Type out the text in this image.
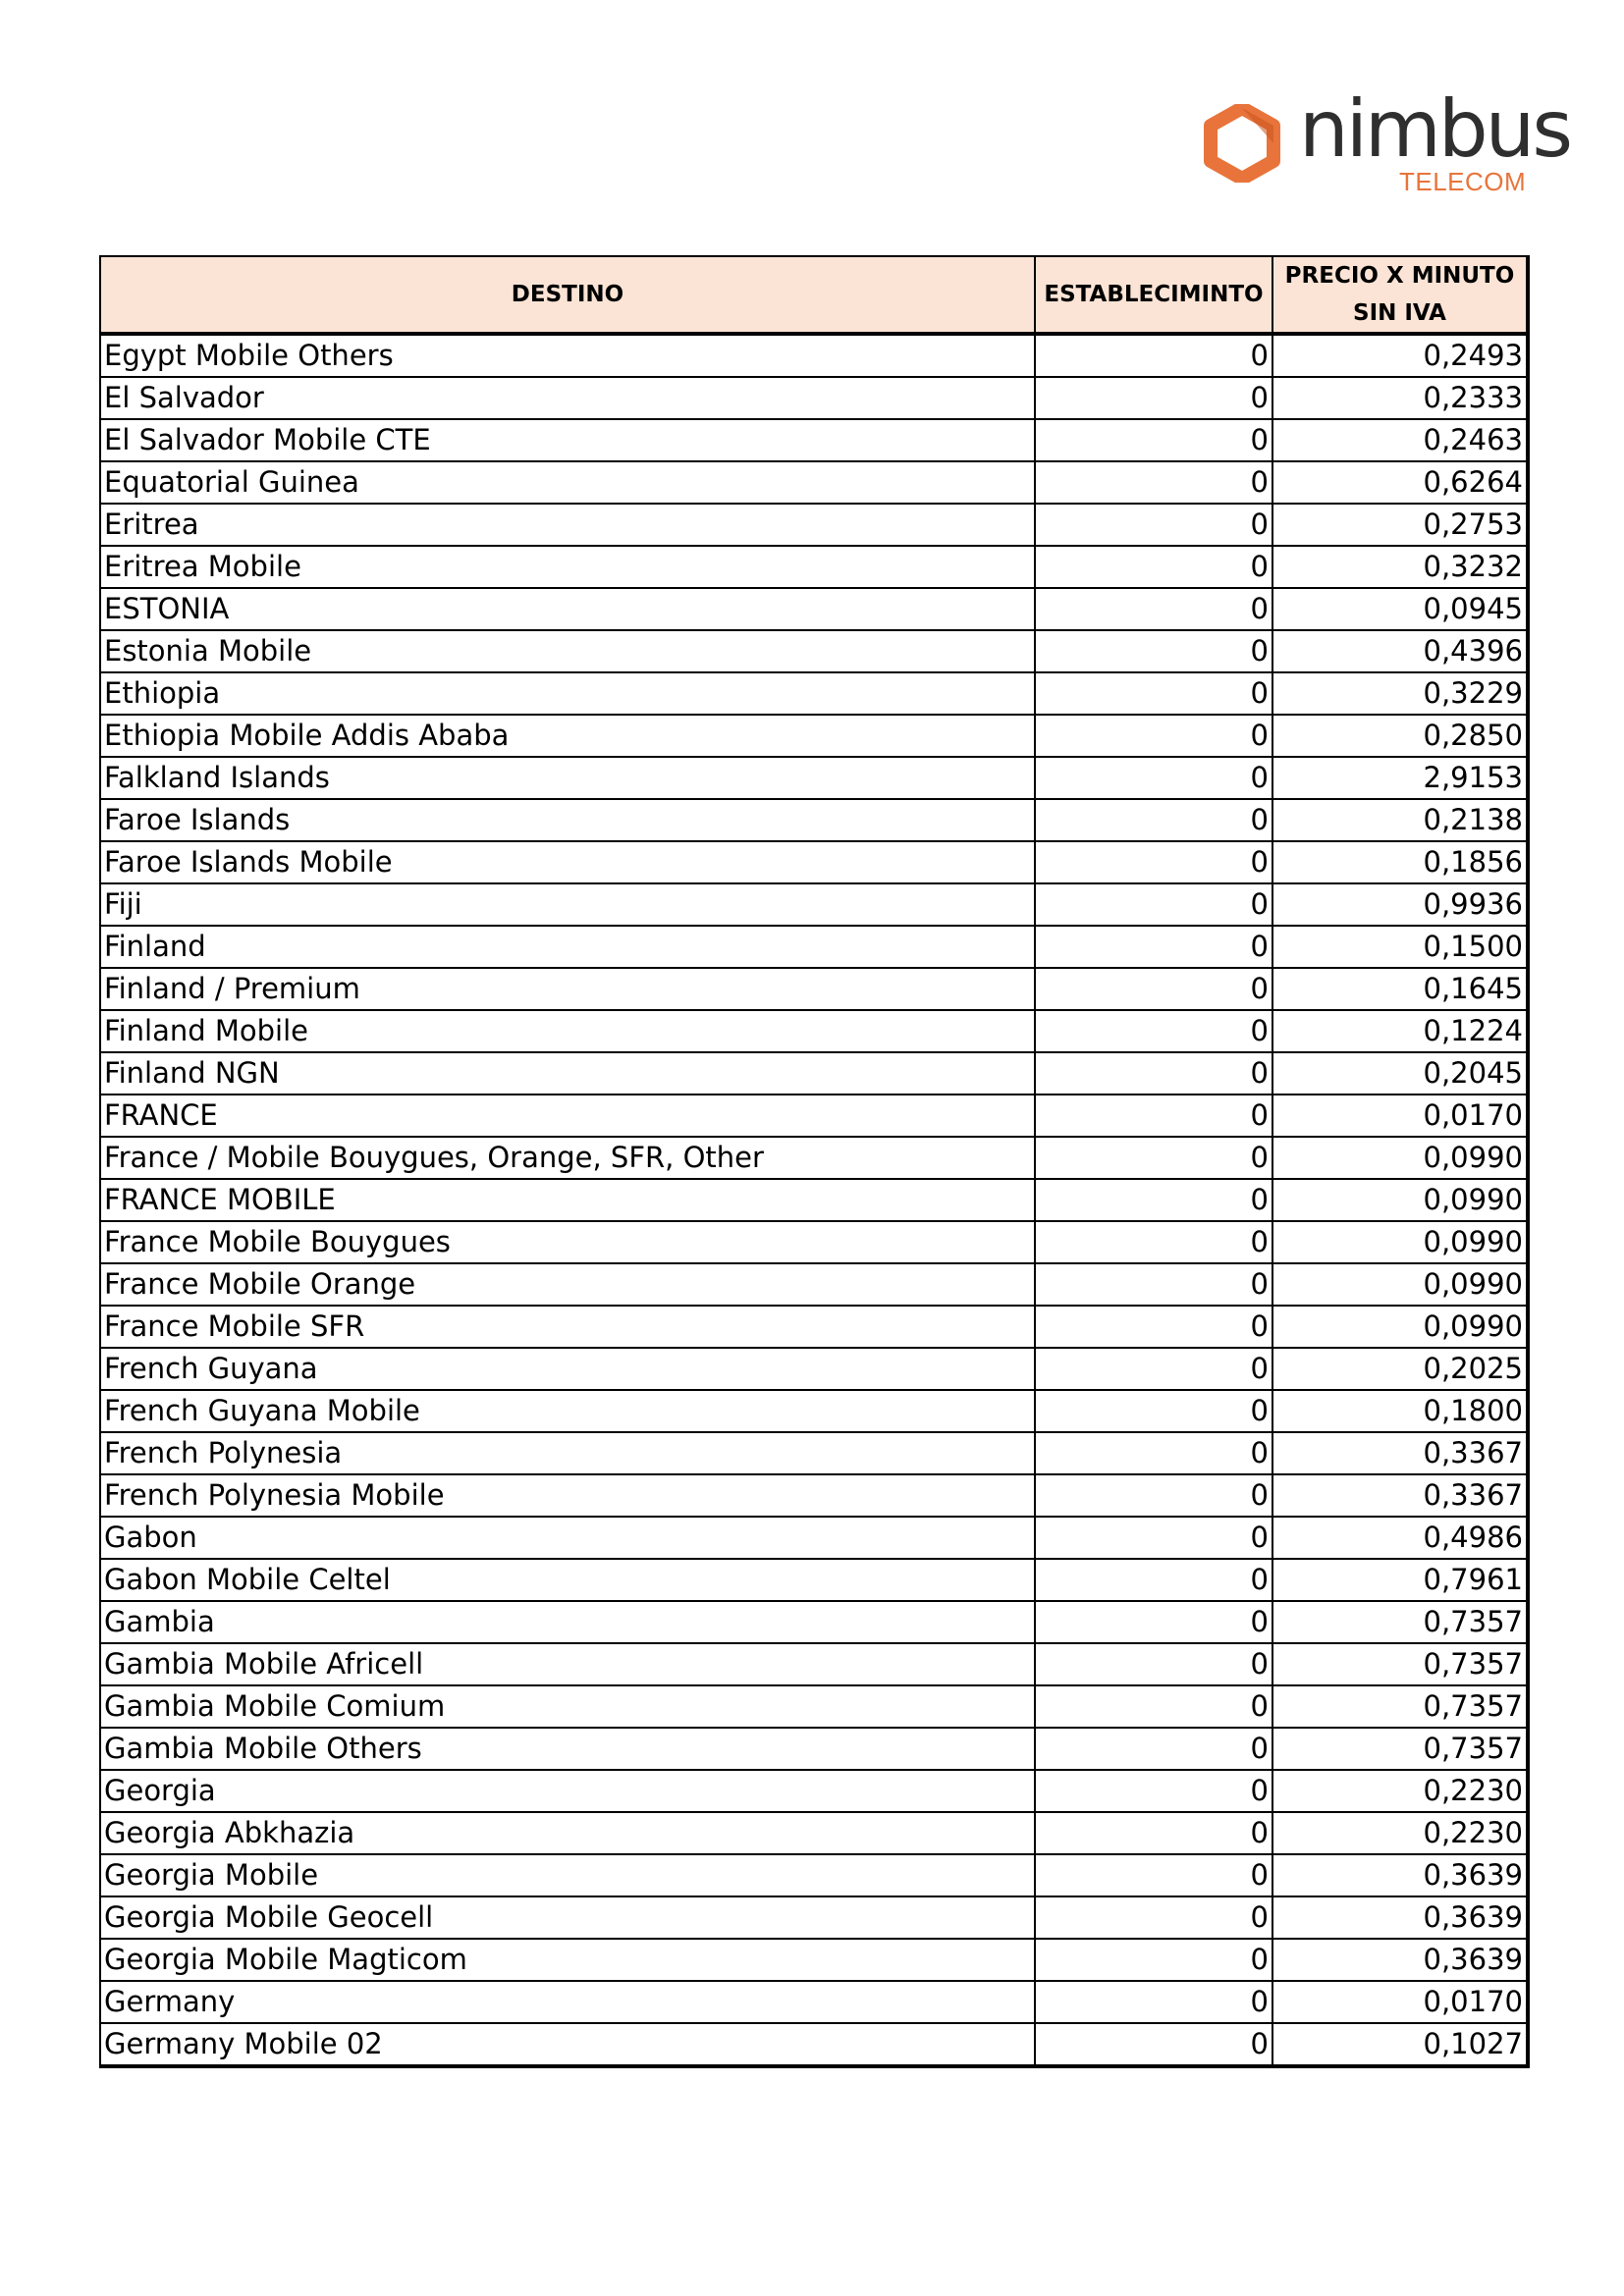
nimbus
TELECOM
DESTINO	ESTABLECIMINTO	PRECIO X MINUTO
SIN IVA
Egypt Mobile Others	0	0,2493
El Salvador	0	0,2333
El Salvador Mobile CTE	0	0,2463
Equatorial Guinea	0	0,6264
Eritrea	0	0,2753
Eritrea Mobile	0	0,3232
ESTONIA	0	0,0945
Estonia Mobile	0	0,4396
Ethiopia	0	0,3229
Ethiopia Mobile Addis Ababa	0	0,2850
Falkland Islands	0	2,9153
Faroe Islands	0	0,2138
Faroe Islands Mobile	0	0,1856
Fiji	0	0,9936
Finland	0	0,1500
Finland / Premium	0	0,1645
Finland Mobile	0	0,1224
Finland NGN	0	0,2045
FRANCE	0	0,0170
France / Mobile Bouygues, Orange, SFR, Other	0	0,0990
FRANCE MOBILE	0	0,0990
France Mobile Bouygues	0	0,0990
France Mobile Orange	0	0,0990
France Mobile SFR	0	0,0990
French Guyana	0	0,2025
French Guyana Mobile	0	0,1800
French Polynesia	0	0,3367
French Polynesia Mobile	0	0,3367
Gabon	0	0,4986
Gabon Mobile Celtel	0	0,7961
Gambia	0	0,7357
Gambia Mobile Africell	0	0,7357
Gambia Mobile Comium	0	0,7357
Gambia Mobile Others	0	0,7357
Georgia	0	0,2230
Georgia Abkhazia	0	0,2230
Georgia Mobile	0	0,3639
Georgia Mobile Geocell	0	0,3639
Georgia Mobile Magticom	0	0,3639
Germany	0	0,0170
Germany Mobile 02	0	0,1027
